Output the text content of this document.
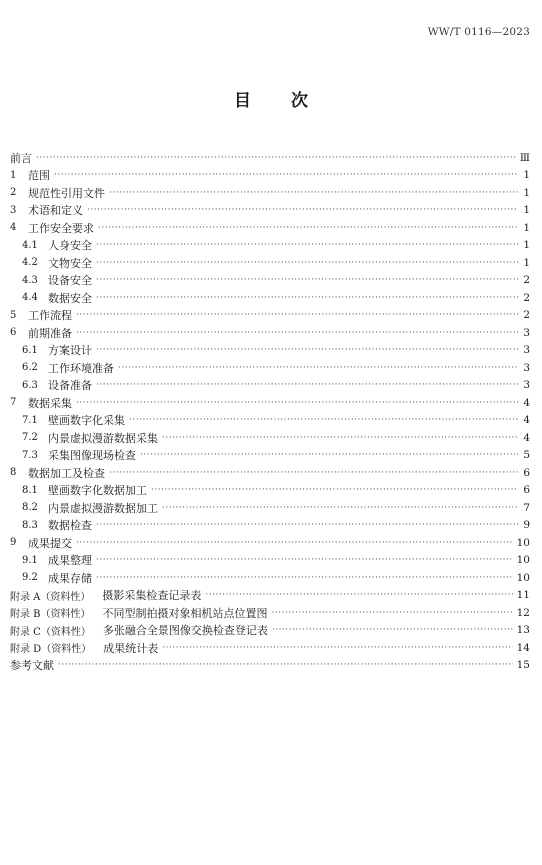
WW/T 0116—2023
目次
前言 ·····	Ⅲ
1	范围 ·····	1
2	规范性引用文件 ·····	1
3	术语和定义 ·····	1
4	工作安全要求 ·····	1
4.1 人身安全 ·····	1
4.2 文物安全 ·····	1
4.3 设备安全 ·····	2
4.4 数据安全 ·····	2
5	工作流程 ·····	2
6	前期准备 ·····	3
6.1 方案设计 ·····	3
6.2 工作环境准备 ·····	3
6.3 设备准备 ·····	3
7	数据采集 ·····	4
7.1 壁画数字化采集 ·····	4
7.2 内景虚拟漫游数据采集 ·····	4
7.3 采集图像现场检查 ·····	5
8	数据加工及检查 ·····	6
8.1 壁画数字化数据加工 ·····	6
8.2 内景虚拟漫游数据加工 ·····	7
8.3 数据检查 ·····	9
9	成果提交 ·····	10
9.1 成果整理 ·····	10
9.2 成果存储 ·····	10
附录 A（资料性） 摄影采集检查记录表 ·····	11
附录 B（资料性） 不同型制拍摄对象相机站点位置图 ·····	12
附录 C（资料性） 多张融合全景图像交换检查登记表 ·····	13
附录 D（资料性） 成果统计表 ·····	14
参考文献 ·····	15
